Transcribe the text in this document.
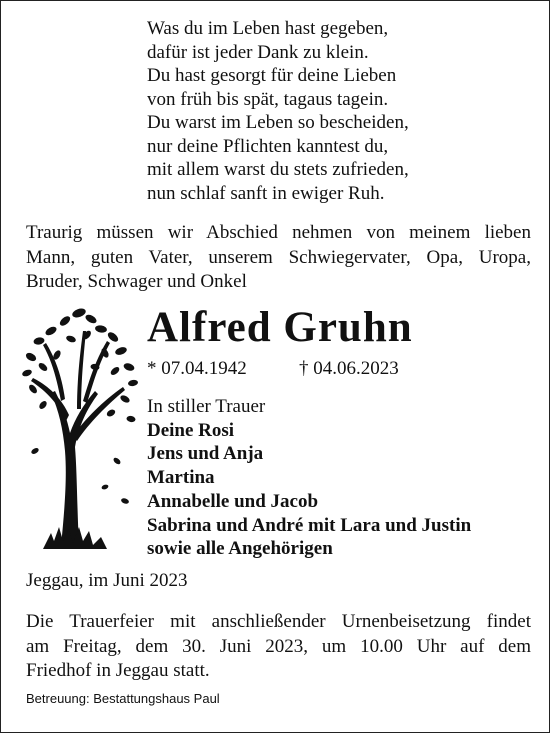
Was du im Leben hast gegeben,
dafür ist jeder Dank zu klein.
Du hast gesorgt für deine Lieben
von früh bis spät, tagaus tagein.
Du warst im Leben so bescheiden,
nur deine Pflichten kanntest du,
mit allem warst du stets zufrieden,
nun schlaf sanft in ewiger Ruh.
Traurig müssen wir Abschied nehmen von meinem lieben
Mann, guten Vater, unserem Schwiegervater, Opa, Uropa,
Bruder, Schwager und Onkel
Alfred Gruhn
* 07.04.1942	† 04.06.2023
In stiller Trauer
Deine Rosi
Jens und Anja
Martina
Annabelle und Jacob
Sabrina und André mit Lara und Justin
sowie alle Angehörigen
Jeggau, im Juni 2023
Die Trauerfeier mit anschließender Urnenbeisetzung findet
am Freitag, dem 30. Juni 2023, um 10.00 Uhr auf dem
Friedhof in Jeggau statt.
Betreuung: Bestattungshaus Paul
